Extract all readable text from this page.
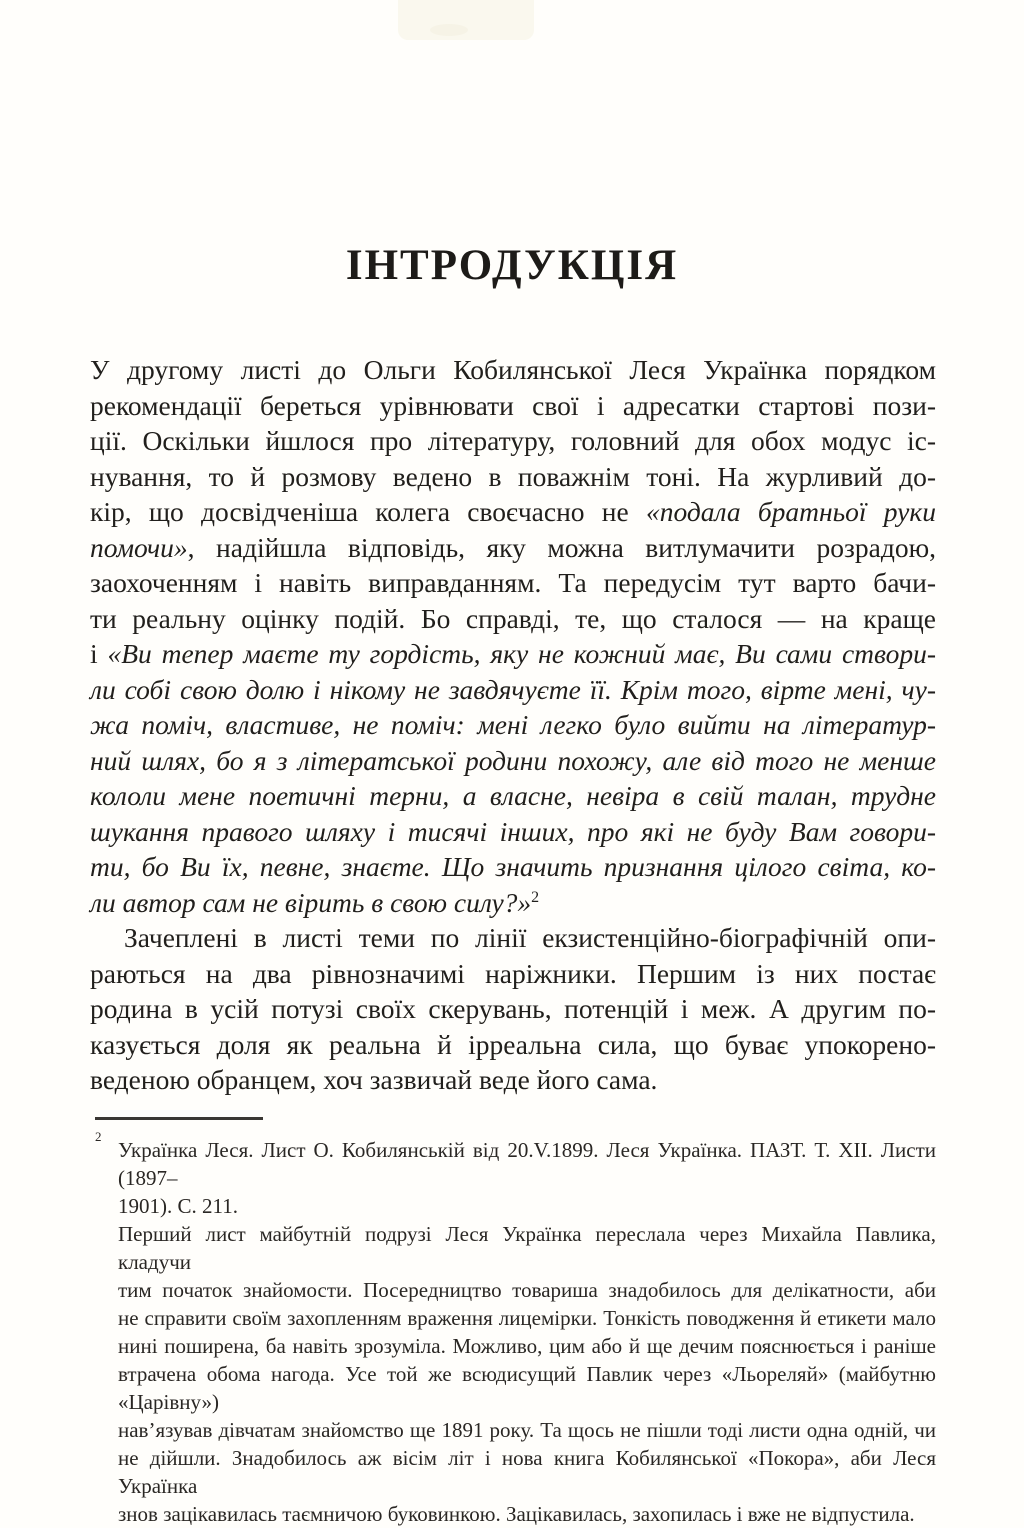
ІНТРОДУКЦІЯ
У другому листі до Ольги Кобилянської Леся Українка порядком
рекомендації береться урівнювати свої і адресатки стартові пози-
ції. Оскільки йшлося про літературу, головний для обох модус іс-
нування, то й розмову ведено в поважнім тоні. На журливий до-
кір, що досвідченіша колега своєчасно не «подала братньої руки
помочи», надійшла відповідь, яку можна витлумачити розрадою,
заохоченням і навіть виправданням. Та передусім тут варто бачи-
ти реальну оцінку подій. Бо справді, те, що сталося — на краще
і «Ви тепер маєте ту гордість, яку не кожний має, Ви сами створи-
ли собі свою долю і нікому не завдячуєте її. Крім того, вірте мені, чу-
жа поміч, властиве, не поміч: мені легко було вийти на літератур-
ний шлях, бо я з літератської родини похожу, але від того не менше
кололи мене поетичні терни, а власне, невіра в свій талан, трудне
шукання правого шляху і тисячі інших, про які не буду Вам говори-
ти, бо Ви їх, певне, знаєте. Що значить признання цілого світа, ко-
ли автор сам не вірить в свою силу?»$^2$
Зачеплені в листі теми по лінії екзистенційно-біографічній опи-
раються на два рівнозначимі наріжники. Першим із них постає
родина в усій потузі своїх скерувань, потенцій і меж. А другим по-
казується доля як реальна й ірреальна сила, що буває упокорено-
веденою обранцем, хоч зазвичай веде його сама.
2
Українка Леся. Лист О. Кобилянській від 20.V.1899. Леся Українка. ПАЗТ. Т. XII. Листи (1897–
1901). С. 211.
Перший лист майбутній подрузі Леся Українка переслала через Михайла Павлика, кладучи
тим початок знайомости. Посередництво товариша знадобилось для делікатности, аби
не справити своїм захопленням враження лицемірки. Тонкість поводження й етикети мало
нині поширена, ба навіть зрозуміла. Можливо, цим або й ще дечим пояснюється і раніше
втрачена обома нагода. Усе той же всюдисущий Павлик через «Льореляй» (майбутню «Царівну»)
нав’язував дівчатам знайомство ще 1891 року. Та щось не пішли тоді листи одна одній, чи
не дійшли. Знадобилось аж вісім літ і нова книга Кобилянської «Покора», аби Леся Українка
знов зацікавилась таємничою буковинкою. Зацікавилась, захопилась і вже не відпустила.
